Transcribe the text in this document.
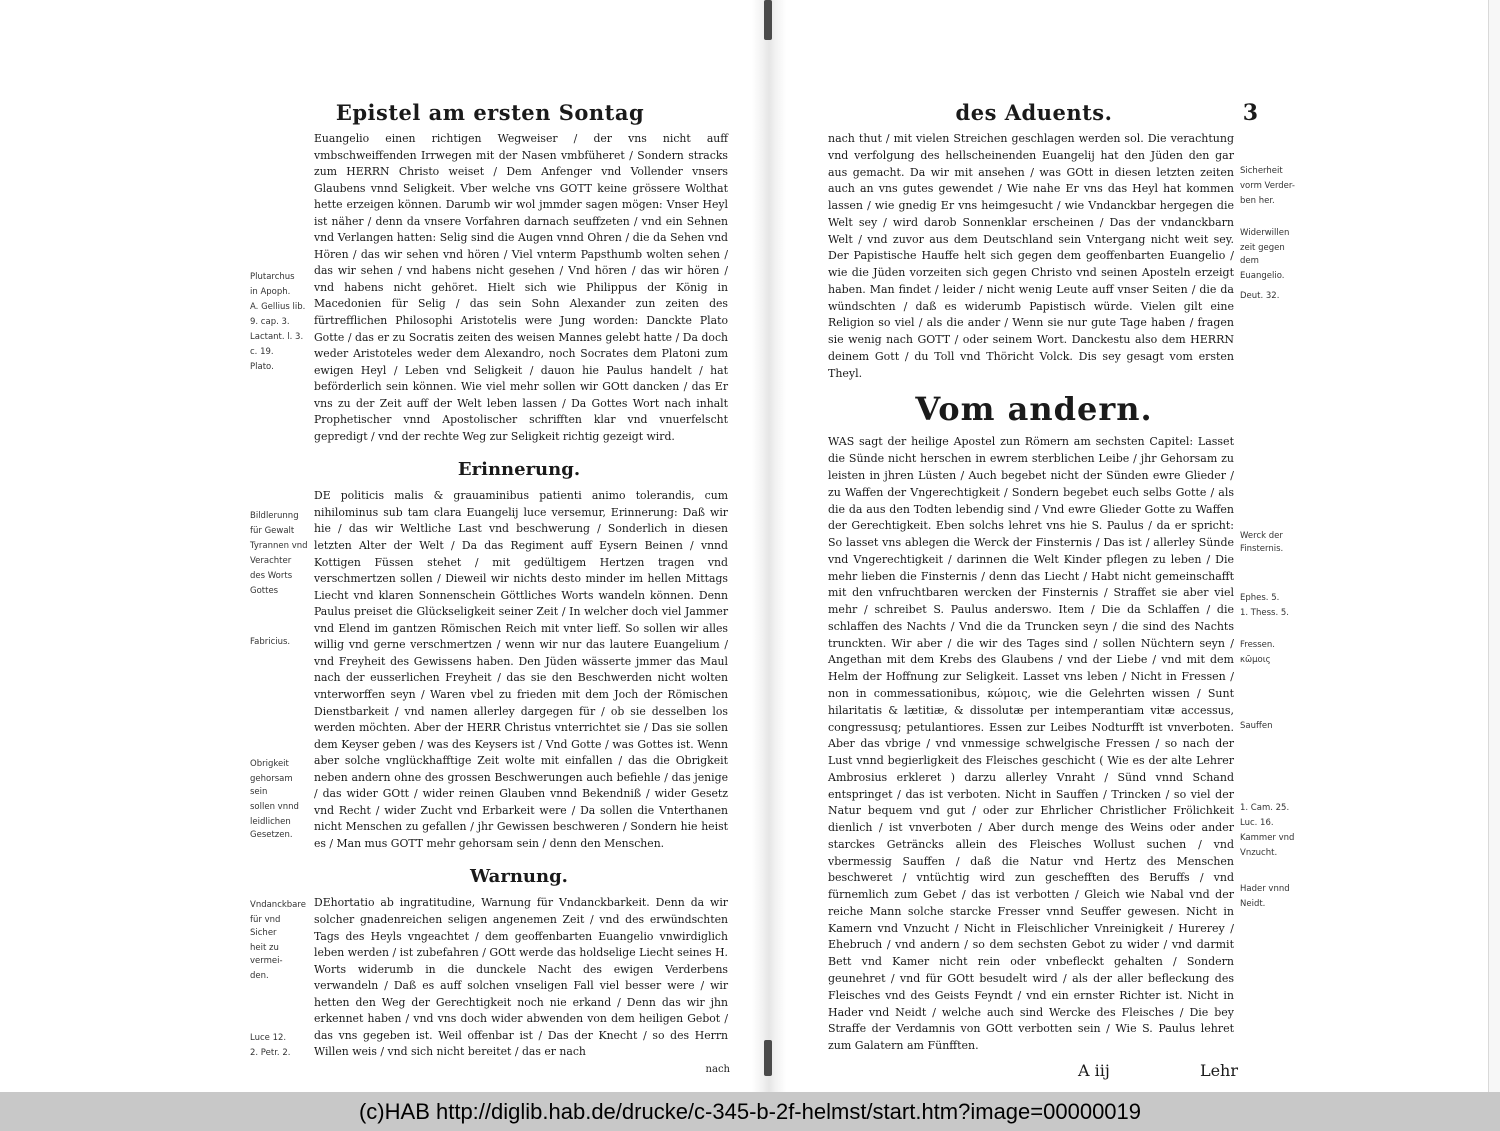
Epistel am ersten Sontag
Plutarchus
in Apoph.
A. Gellius lib.
9. cap. 3.
Lactant. l. 3.
c. 19.
Plato.
Euangelio einen richtigen Wegweiser / der vns nicht auff vmbschweiffenden Irrwegen mit der Nasen vmbfüheret / Sondern stracks zum HERRN Christo weiset / Dem Anfenger vnd Vollender vnsers Glaubens vnnd Seligkeit. Vber welche vns GOTT keine grössere Wolthat hette erzeigen können. Darumb wir wol jmmder sagen mögen: Vnser Heyl ist näher / denn da vnsere Vorfahren darnach seuffzeten / vnd ein Sehnen vnd Verlangen hatten: Selig sind die Augen vnnd Ohren / die da Sehen vnd Hören / das wir sehen vnd hören / Viel vnterm Papsthumb wolten sehen / das wir sehen / vnd habens nicht gesehen / Vnd hören / das wir hören / vnd habens nicht gehöret. Hielt sich wie Philippus der König in Macedonien für Selig / das sein Sohn Alexander zun zeiten des fürtrefflichen Philosophi Aristotelis were Jung worden: Danckte Plato Gotte / das er zu Socratis zeiten des weisen Mannes gelebt hatte / Da doch weder Aristoteles weder dem Alexandro, noch Socrates dem Platoni zum ewigen Heyl / Leben vnd Seligkeit / dauon hie Paulus handelt / hat beförderlich sein können. Wie viel mehr sollen wir GOtt dancken / das Er vns zu der Zeit auff der Welt leben lassen / Da Gottes Wort nach inhalt Prophetischer vnnd Apostolischer schrifften klar vnd vnuerfelscht gepredigt / vnd der rechte Weg zur Seligkeit richtig gezeigt wird.
Erinnerung.
Bildlerunng
für Gewalt
Tyrannen vnd
Verachter
des Worts
Gottes
Fabricius.
Obrigkeit
gehorsam sein
sollen vnnd
leidlichen Gesetzen.
DE politicis malis & grauaminibus patienti animo tolerandis, cum nihilominus sub tam clara Euangelij luce versemur, Erinnerung: Daß wir hie / das wir Weltliche Last vnd beschwerung / Sonderlich in diesen letzten Alter der Welt / Da das Regiment auff Eysern Beinen / vnnd Kottigen Füssen stehet / mit gedültigem Hertzen tragen vnd verschmertzen sollen / Dieweil wir nichts desto minder im hellen Mittags Liecht vnd klaren Sonnenschein Göttliches Worts wandeln können. Denn Paulus preiset die Glückseligkeit seiner Zeit / In welcher doch viel Jammer vnd Elend im gantzen Römischen Reich mit vnter lieff. So sollen wir alles willig vnd gerne verschmertzen / wenn wir nur das lautere Euangelium / vnd Freyheit des Gewissens haben. Den Jüden wässerte jmmer das Maul nach der eusserlichen Freyheit / das sie den Beschwerden nicht wolten vnterworffen seyn / Waren vbel zu frieden mit dem Joch der Römischen Dienstbarkeit / vnd namen allerley dargegen für / ob sie desselben los werden möchten. Aber der HERR Christus vnterrichtet sie / Das sie sollen dem Keyser geben / was des Keysers ist / Vnd Gotte / was Gottes ist. Wenn aber solche vnglückhafftige Zeit wolte mit einfallen / das die Obrigkeit neben andern ohne des grossen Beschwerungen auch befiehle / das jenige / das wider GOtt / wider reinen Glauben vnnd Bekendniß / wider Gesetz vnd Recht / wider Zucht vnd Erbarkeit were / Da sollen die Vnterthanen nicht Menschen zu gefallen / jhr Gewissen beschweren / Sondern hie heist es / Man mus GOTT mehr gehorsam sein / denn den Menschen.
Warnung.
Vndanckbare
für vnd Sicher
heit zu vermei-
den.
Luce 12.
2. Petr. 2.
DEhortatio ab ingratitudine, Warnung für Vndanckbarkeit. Denn da wir solcher gnadenreichen seligen angenemen Zeit / vnd des erwündschten Tags des Heyls vngeachtet / dem geoffenbarten Euangelio vnwirdiglich leben werden / ist zubefahren / GOtt werde das holdselige Liecht seines H. Worts widerumb in die dunckele Nacht des ewigen Verderbens verwandeln / Daß es auff solchen vnseligen Fall viel besser were / wir hetten den Weg der Gerechtigkeit noch nie erkand / Denn das wir jhn erkennet haben / vnd vns doch wider abwenden von dem heiligen Gebot / das vns gegeben ist. Weil offenbar ist / Das der Knecht / so des Herrn Willen weis / vnd sich nicht bereitet / das er nach
nach
des Aduents.	3
nach thut / mit vielen Streichen geschlagen werden sol. Die verachtung vnd verfolgung des hellscheinenden Euangelij hat den Jüden den gar aus gemacht. Da wir mit ansehen / was GOtt in diesen letzten zeiten auch an vns gutes gewendet / Wie nahe Er vns das Heyl hat kommen lassen / wie gnedig Er vns heimgesucht / wie Vndanckbar hergegen die Welt sey / wird darob Sonnenklar erscheinen / Das der vndanckbarn Welt / vnd zuvor aus dem Deutschland sein Vntergang nicht weit sey. Der Papistische Hauffe helt sich gegen dem geoffenbarten Euangelio / wie die Jüden vorzeiten sich gegen Christo vnd seinen Aposteln erzeigt haben. Man findet / leider / nicht wenig Leute auff vnser Seiten / die da wündschten / daß es widerumb Papistisch würde. Vielen gilt eine Religion so viel / als die ander / Wenn sie nur gute Tage haben / fragen sie wenig nach GOTT / oder seinem Wort. Danckestu also dem HERRN deinem Gott / du Toll vnd Thöricht Volck. Dis sey gesagt vom ersten Theyl.
Sicherheit
vorm Verder-
ben her.
Widerwillen
zeit gegen dem
Euangelio.
Deut. 32.
Vom andern.
WAS sagt der heilige Apostel zun Römern am sechsten Capitel: Lasset die Sünde nicht herschen in ewrem sterblichen Leibe / jhr Gehorsam zu leisten in jhren Lüsten / Auch begebet nicht der Sünden ewre Glieder / zu Waffen der Vngerechtigkeit / Sondern begebet euch selbs Gotte / als die da aus den Todten lebendig sind / Vnd ewre Glieder Gotte zu Waffen der Gerechtigkeit. Eben solchs lehret vns hie S. Paulus / da er spricht: So lasset vns ablegen die Werck der Finsternis / Das ist / allerley Sünde vnd Vngerechtigkeit / darinnen die Welt Kinder pflegen zu leben / Die mehr lieben die Finsternis / denn das Liecht / Habt nicht gemeinschafft mit den vnfruchtbaren wercken der Finsternis / Straffet sie aber viel mehr / schreibet S. Paulus anderswo. Item / Die da Schlaffen / die schlaffen des Nachts / Vnd die da Truncken seyn / die sind des Nachts trunckten. Wir aber / die wir des Tages sind / sollen Nüchtern seyn / Angethan mit dem Krebs des Glaubens / vnd der Liebe / vnd mit dem Helm der Hoffnung zur Seligkeit. Lasset vns leben / Nicht in Fressen / non in commessationibus, κώμοις, wie die Gelehrten wissen / Sunt hilaritatis & lætitiæ, & dissolutæ per intemperantiam vitæ accessus, congressusq; petulantiores. Essen zur Leibes Nodturfft ist vnverboten. Aber das vbrige / vnd vnmessige schwelgische Fressen / so nach der Lust vnnd begierligkeit des Fleisches geschicht ( Wie es der alte Lehrer Ambrosius erkleret ) darzu allerley Vnraht / Sünd vnnd Schand entspringet / das ist verboten. Nicht in Sauffen / Trincken / so viel der Natur bequem vnd gut / oder zur Ehrlicher Christlicher Frölichkeit dienlich / ist vnverboten / Aber durch menge des Weins oder ander starckes Geträncks allein des Fleisches Wollust suchen / vnd vbermessig Sauffen / daß die Natur vnd Hertz des Menschen beschweret / vntüchtig wird zun geschefften des Beruffs / vnd fürnemlich zum Gebet / das ist verbotten / Gleich wie Nabal vnd der reiche Mann solche starcke Fresser vnnd Seuffer gewesen. Nicht in Kamern vnd Vnzucht / Nicht in Fleischlicher Vnreinigkeit / Hurerey / Ehebruch / vnd andern / so dem sechsten Gebot zu wider / vnd darmit Bett vnd Kamer nicht rein oder vnbefleckt gehalten / Sondern geunehret / vnd für GOtt besudelt wird / als der aller befleckung des Fleisches vnd des Geists Feyndt / vnd ein ernster Richter ist. Nicht in Hader vnd Neidt / welche auch sind Wercke des Fleisches / Die bey Straffe der Verdamnis von GOtt verbotten sein / Wie S. Paulus lehret zum Galatern am Fünfften.
Werck der Finsternis.
Ephes. 5.
1. Thess. 5.
Fressen.
κῶμοις
Sauffen
1. Cam. 25.
Luc. 16.
Kammer vnd
Vnzucht.
Hader vnnd
Neidt.
A iij	Lehr
(c)HAB http://diglib.hab.de/drucke/c-345-b-2f-helmst/start.htm?image=00000019
